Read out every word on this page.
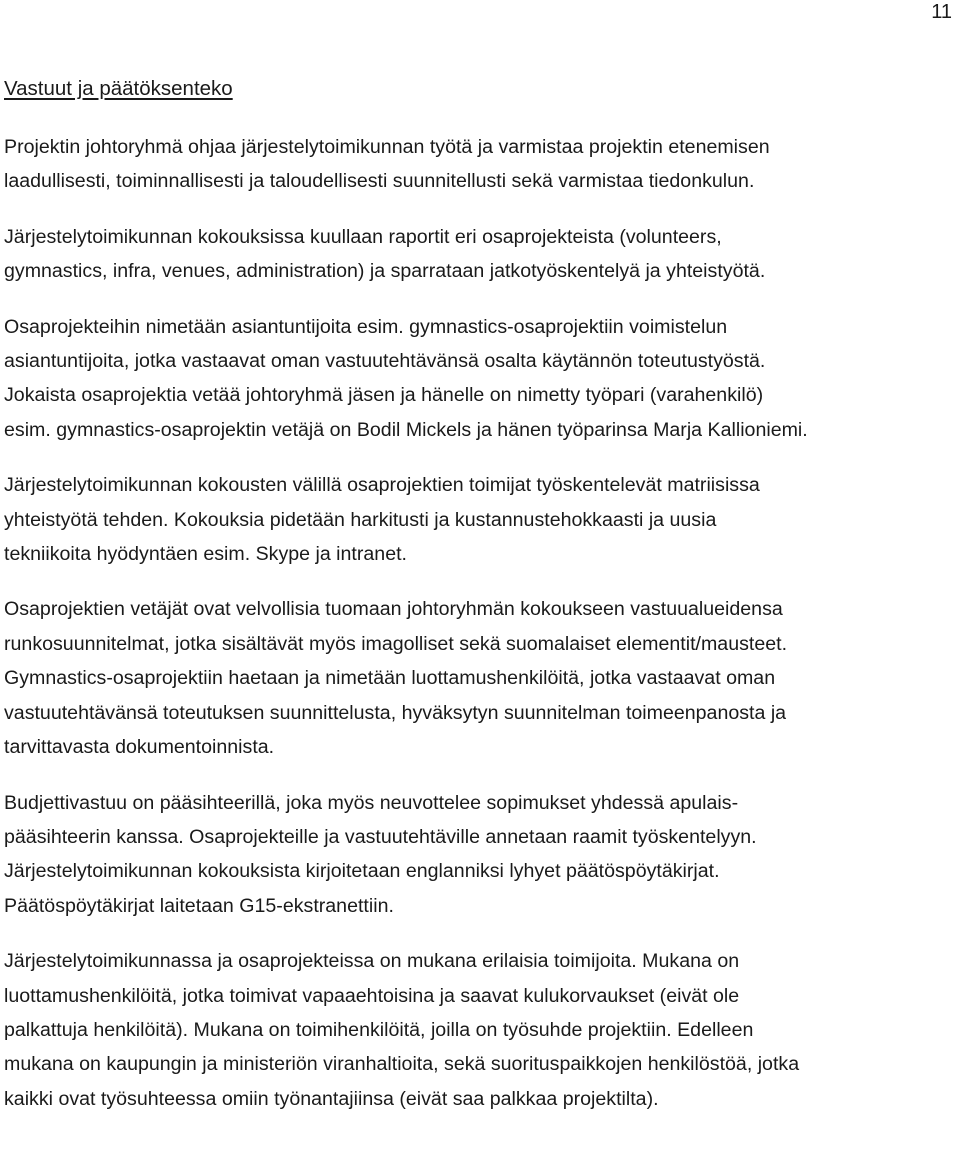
11
Vastuut ja päätöksenteko
Projektin johtoryhmä ohjaa järjestelytoimikunnan työtä ja varmistaa projektin etenemisen
laadullisesti, toiminnallisesti ja taloudellisesti suunnitellusti sekä varmistaa tiedonkulun.
Järjestelytoimikunnan kokouksissa kuullaan raportit eri osaprojekteista (volunteers,
gymnastics, infra, venues, administration) ja sparrataan jatkotyöskentelyä ja yhteistyötä.
Osaprojekteihin nimetään asiantuntijoita esim. gymnastics-osaprojektiin voimistelun
asiantuntijoita, jotka vastaavat oman vastuutehtävänsä osalta käytännön toteutustyöstä.
Jokaista osaprojektia vetää johtoryhmä jäsen ja hänelle on nimetty työpari (varahenkilö)
esim. gymnastics-osaprojektin vetäjä on Bodil Mickels ja hänen työparinsa Marja Kallioniemi.
Järjestelytoimikunnan kokousten välillä osaprojektien toimijat työskentelevät matriisissa
yhteistyötä tehden. Kokouksia pidetään harkitusti ja kustannustehokkaasti ja uusia
tekniikoita hyödyntäen esim. Skype ja intranet.
Osaprojektien vetäjät ovat velvollisia tuomaan johtoryhmän kokoukseen vastuualueidensa
runkosuunnitelmat, jotka sisältävät myös imagolliset sekä suomalaiset elementit/mausteet.
Gymnastics-osaprojektiin haetaan ja nimetään luottamushenkilöitä, jotka vastaavat oman
vastuutehtävänsä toteutuksen suunnittelusta, hyväksytyn suunnitelman toimeenpanosta ja
tarvittavasta dokumentoinnista.
Budjettivastuu on pääsihteerillä, joka myös neuvottelee sopimukset yhdessä apulais-
pääsihteerin kanssa. Osaprojekteille ja vastuutehtäville annetaan raamit työskentelyyn.
Järjestelytoimikunnan kokouksista kirjoitetaan englanniksi lyhyet päätöspöytäkirjat.
Päätöspöytäkirjat laitetaan G15-ekstranettiin.
Järjestelytoimikunnassa ja osaprojekteissa on mukana erilaisia toimijoita. Mukana on
luottamushenkilöitä, jotka toimivat vapaaehtoisina ja saavat kulukorvaukset (eivät ole
palkattuja henkilöitä). Mukana on toimihenkilöitä, joilla on työsuhde projektiin. Edelleen
mukana on kaupungin ja ministeriön viranhaltioita, sekä suorituspaikkojen henkilöstöä, jotka
kaikki ovat työsuhteessa omiin työnantajiinsa (eivät saa palkkaa projektilta).
